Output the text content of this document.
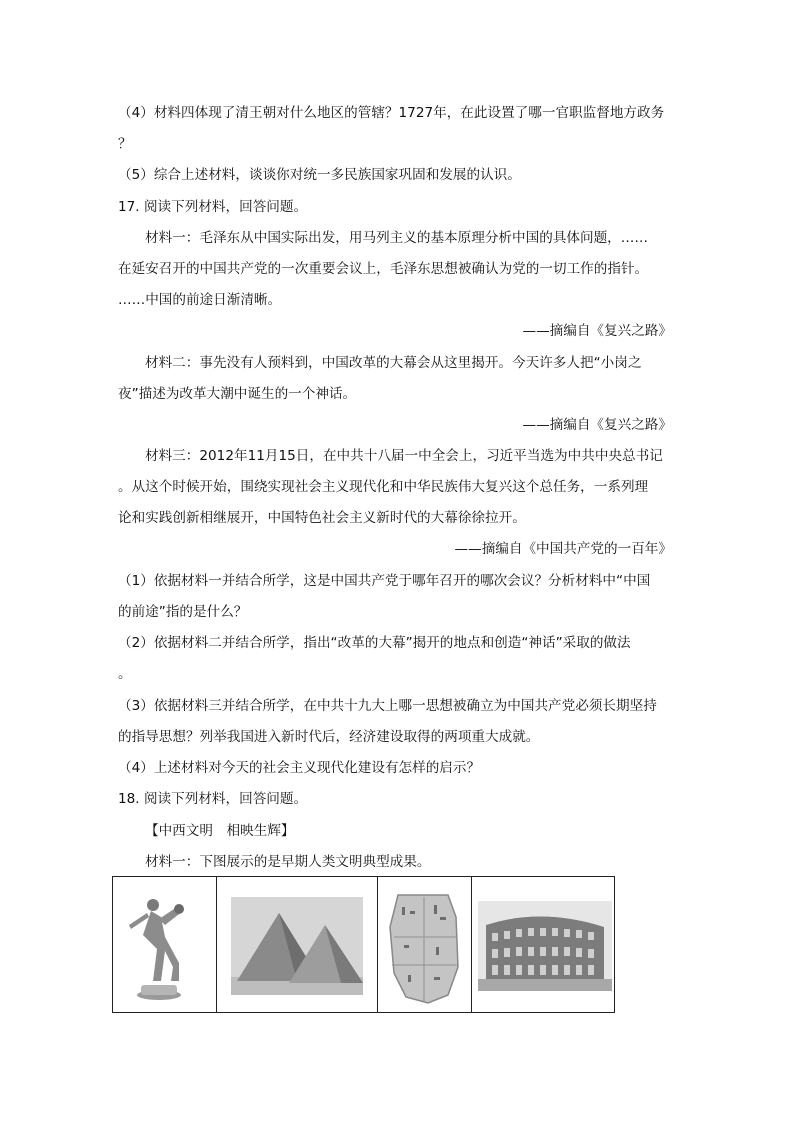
（4）材料四体现了清王朝对什么地区的管辖？1727年，在此设置了哪一官职监督地方政务
？
（5）综合上述材料，谈谈你对统一多民族国家巩固和发展的认识。
17. 阅读下列材料，回答问题。
材料一：毛泽东从中国实际出发，用马列主义的基本原理分析中国的具体问题，……
在延安召开的中国共产党的一次重要会议上，毛泽东思想被确认为党的一切工作的指针。
……中国的前途日渐清晰。
——摘编自《复兴之路》
材料二：事先没有人预料到，中国改革的大幕会从这里揭开。今天许多人把“小岗之
夜”描述为改革大潮中诞生的一个神话。
——摘编自《复兴之路》
材料三：2012年11月15日，在中共十八届一中全会上，习近平当选为中共中央总书记
。从这个时候开始，围绕实现社会主义现代化和中华民族伟大复兴这个总任务，一系列理
论和实践创新相继展开，中国特色社会主义新时代的大幕徐徐拉开。
——摘编自《中国共产党的一百年》
（1）依据材料一并结合所学，这是中国共产党于哪年召开的哪次会议？分析材料中“中国
的前途”指的是什么？
（2）依据材料二并结合所学，指出“改革的大幕”揭开的地点和创造“神话”采取的做法
。
（3）依据材料三并结合所学，在中共十九大上哪一思想被确立为中国共产党必须长期坚持
的指导思想？列举我国进入新时代后，经济建设取得的两项重大成就。
（4）上述材料对今天的社会主义现代化建设有怎样的启示？
18. 阅读下列材料，回答问题。
【中西文明　相映生辉】
材料一：下图展示的是早期人类文明典型成果。
